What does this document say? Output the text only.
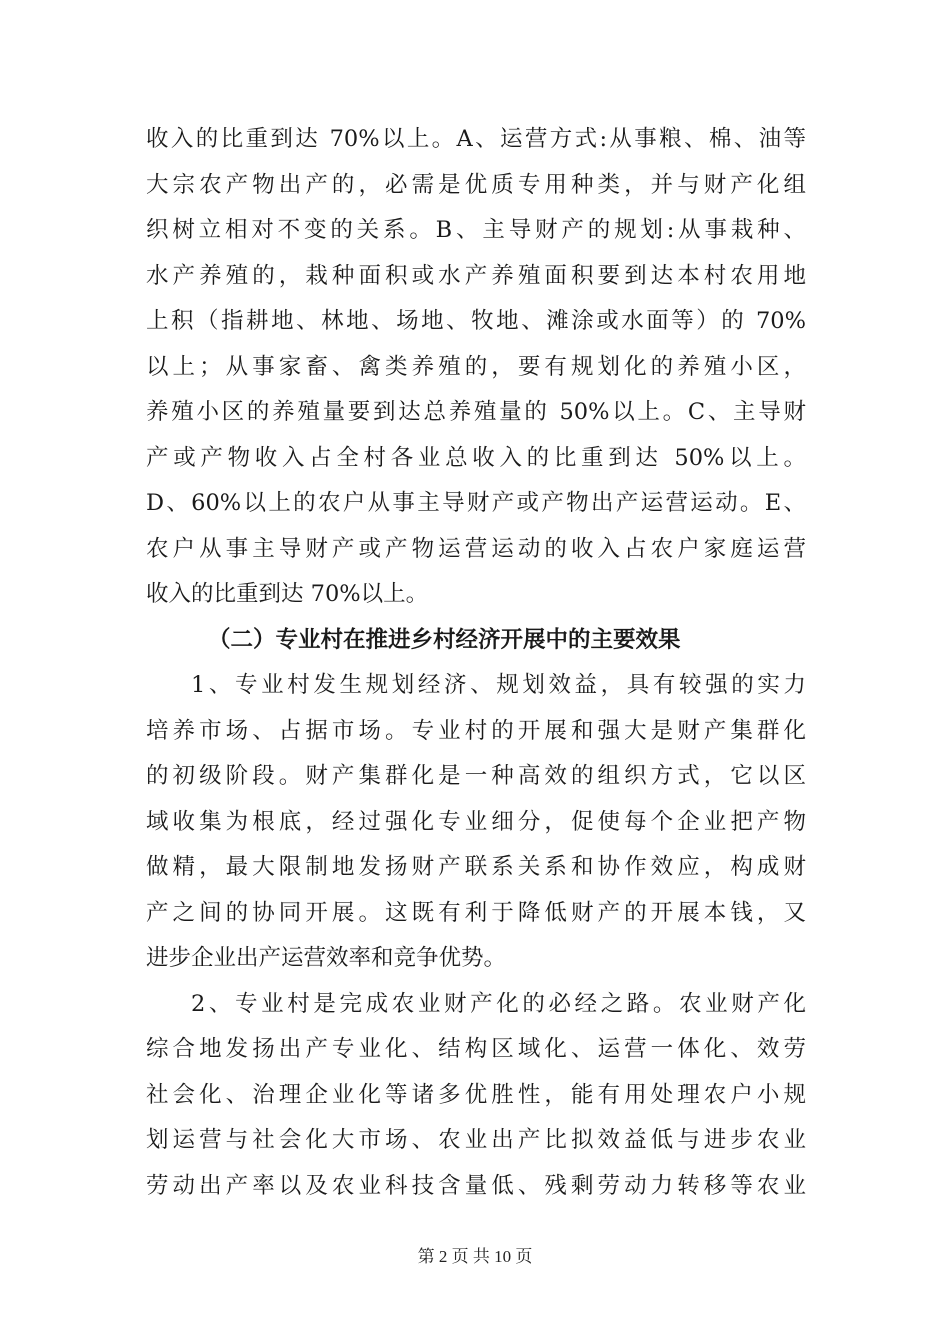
收入的比重到达 70%以上。A、运营方式:从事粮、棉、油等
大宗农产物出产的，必需是优质专用种类，并与财产化组
织树立相对不变的关系。B、主导财产的规划:从事栽种、
水产养殖的，栽种面积或水产养殖面积要到达本村农用地
上积（指耕地、林地、场地、牧地、滩涂或水面等）的 70%
以上；从事家畜、禽类养殖的，要有规划化的养殖小区，
养殖小区的养殖量要到达总养殖量的 50%以上。C、主导财
产或产物收入占全村各业总收入的比重到达 50%以上。
D、60%以上的农户从事主导财产或产物出产运营运动。E、
农户从事主导财产或产物运营运动的收入占农户家庭运营
收入的比重到达 70%以上。
（二）专业村在推进乡村经济开展中的主要效果
1、专业村发生规划经济、规划效益，具有较强的实力
培养市场、占据市场。专业村的开展和强大是财产集群化
的初级阶段。财产集群化是一种高效的组织方式，它以区
域收集为根底，经过强化专业细分，促使每个企业把产物
做精，最大限制地发扬财产联系关系和协作效应，构成财
产之间的协同开展。这既有利于降低财产的开展本钱，又
进步企业出产运营效率和竞争优势。
2、专业村是完成农业财产化的必经之路。农业财产化
综合地发扬出产专业化、结构区域化、运营一体化、效劳
社会化、治理企业化等诸多优胜性，能有用处理农户小规
划运营与社会化大市场、农业出产比拟效益低与进步农业
劳动出产率以及农业科技含量低、残剩劳动力转移等农业
第 2 页 共 10 页
